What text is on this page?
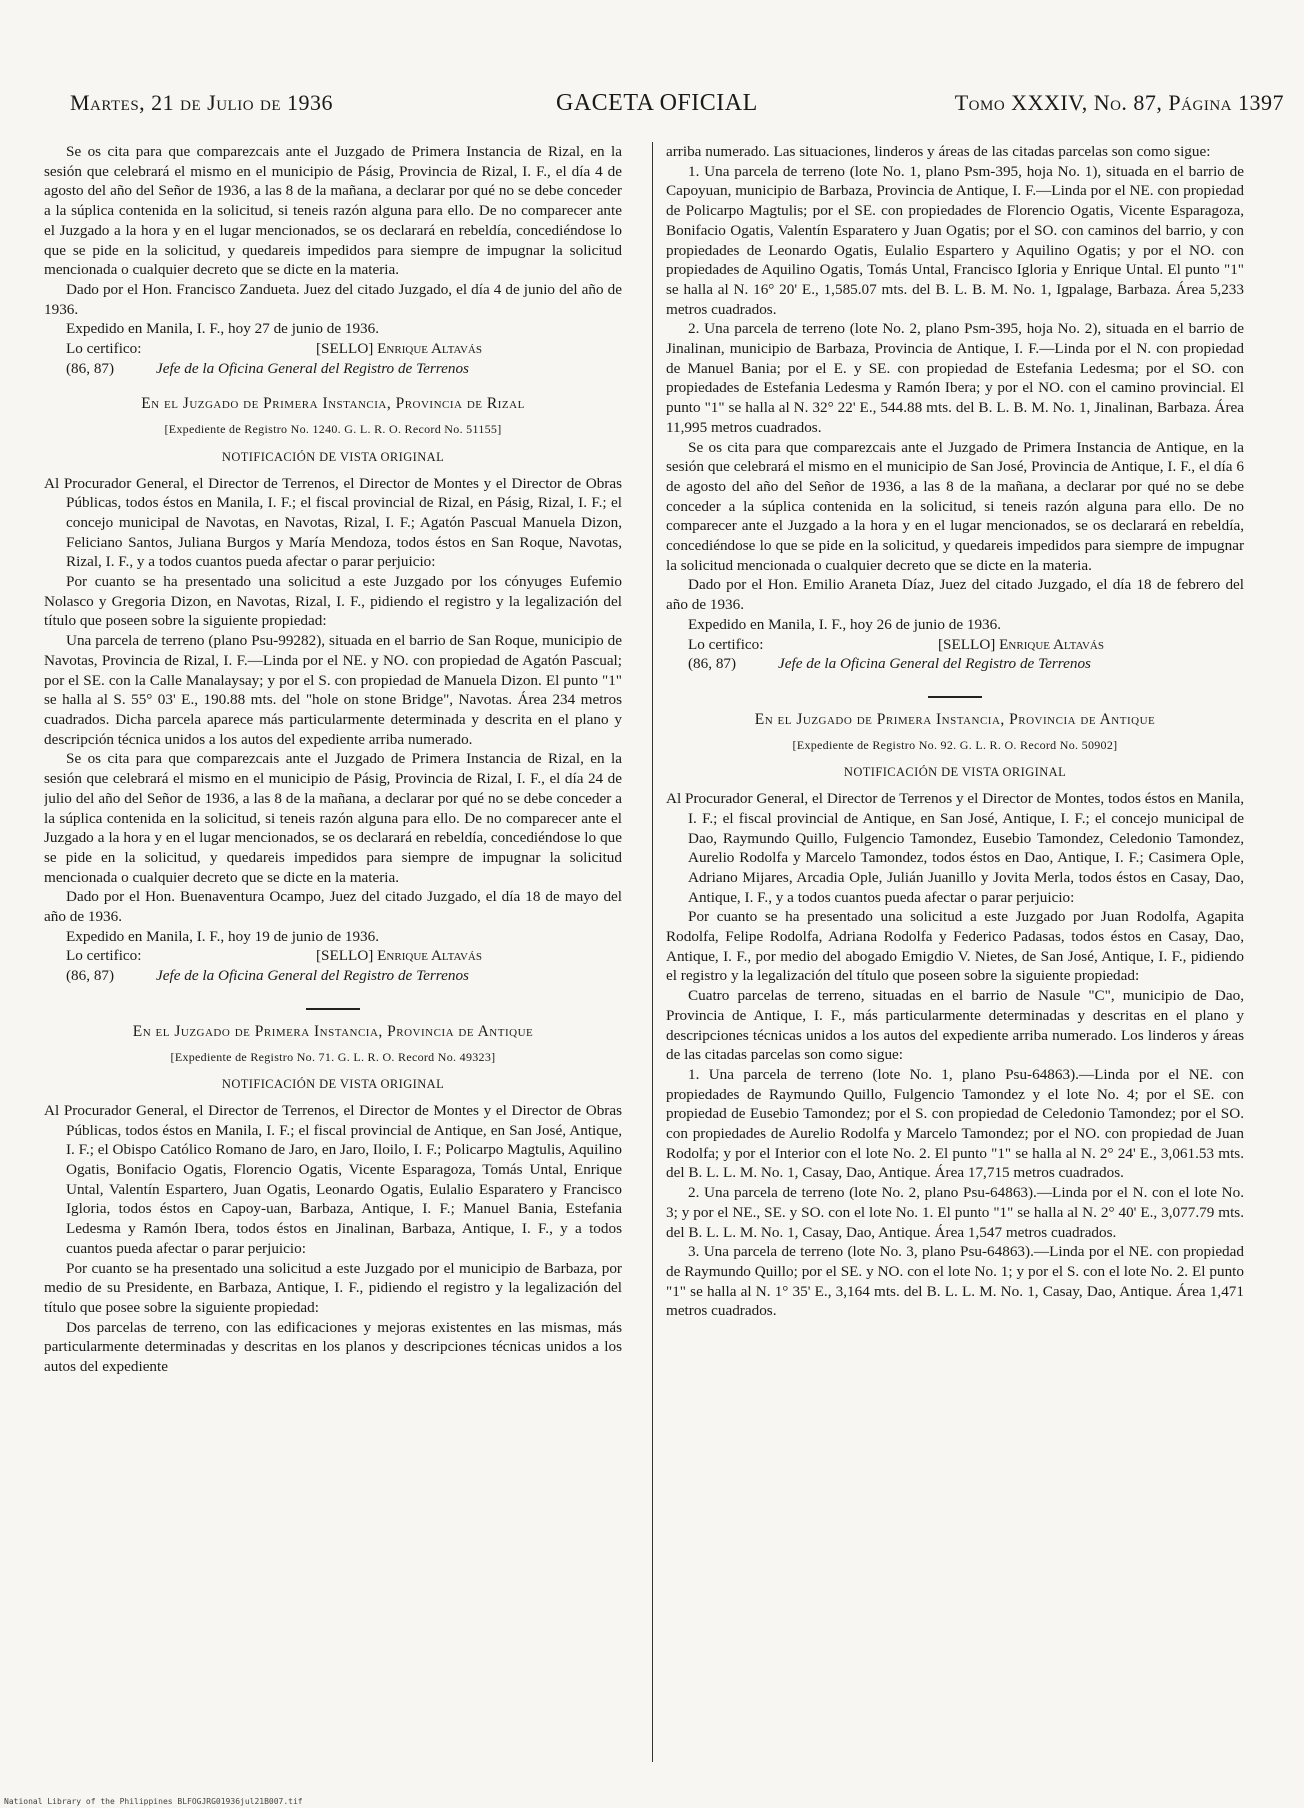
Martes, 21 de Julio de 1936	GACETA OFICIAL	Tomo XXXIV, No. 87, Página 1397

Se os cita para que comparezcais ante el Juzgado de Primera Instancia de Rizal, en la sesión que celebrará el mismo en el municipio de Pásig, Provincia de Rizal, I. F., el día 4 de agosto del año del Señor de 1936, a las 8 de la mañana, a declarar por qué no se debe conceder a la súplica contenida en la solicitud, si teneis razón alguna para ello. De no comparecer ante el Juzgado a la hora y en el lugar mencionados, se os declarará en rebeldía, concediéndose lo que se pide en la solicitud, y quedareis impedidos para siempre de impugnar la solicitud mencionada o cualquier decreto que se dicte en la materia.

Dado por el Hon. Francisco Zandueta. Juez del citado Juzgado, el día 4 de junio del año de 1936.

Expedido en Manila, I. F., hoy 27 de junio de 1936.

Lo certifico:	[SELLO] Enrique Altavás
(86, 87)	Jefe de la Oficina General del Registro de Terrenos
En el Juzgado de Primera Instancia, Provincia de Rizal
[Expediente de Registro No. 1240. G. L. R. O. Record No. 51155]
NOTIFICACIÓN DE VISTA ORIGINAL

Al Procurador General, el Director de Terrenos, el Director de Montes y el Director de Obras Públicas, todos éstos en Manila, I. F.; el fiscal provincial de Rizal, en Pásig, Rizal, I. F.; el concejo municipal de Navotas, en Navotas, Rizal, I. F.; Agatón Pascual Manuela Dizon, Feliciano Santos, Juliana Burgos y María Mendoza, todos éstos en San Roque, Navotas, Rizal, I. F., y a todos cuantos pueda afectar o parar perjuicio:

Por cuanto se ha presentado una solicitud a este Juzgado por los cónyuges Eufemio Nolasco y Gregoria Dizon, en Navotas, Rizal, I. F., pidiendo el registro y la legalización del título que poseen sobre la siguiente propiedad:

Una parcela de terreno (plano Psu-99282), situada en el barrio de San Roque, municipio de Navotas, Provincia de Rizal, I. F.—Linda por el NE. y NO. con propiedad de Agatón Pascual; por el SE. con la Calle Manalaysay; y por el S. con propiedad de Manuela Dizon. El punto "1" se halla al S. 55° 03' E., 190.88 mts. del "hole on stone Bridge", Navotas. Área 234 metros cuadrados. Dicha parcela aparece más particularmente determinada y descrita en el plano y descripción técnica unidos a los autos del expediente arriba numerado.

Se os cita para que comparezcais ante el Juzgado de Primera Instancia de Rizal, en la sesión que celebrará el mismo en el municipio de Pásig, Provincia de Rizal, I. F., el día 24 de julio del año del Señor de 1936, a las 8 de la mañana, a declarar por qué no se debe conceder a la súplica contenida en la solicitud, si teneis razón alguna para ello. De no comparecer ante el Juzgado a la hora y en el lugar mencionados, se os declarará en rebeldía, concediéndose lo que se pide en la solicitud, y quedareis impedidos para siempre de impugnar la solicitud mencionada o cualquier decreto que se dicte en la materia.

Dado por el Hon. Buenaventura Ocampo, Juez del citado Juzgado, el día 18 de mayo del año de 1936.

Expedido en Manila, I. F., hoy 19 de junio de 1936.

Lo certifico:	[SELLO] Enrique Altavás
(86, 87)	Jefe de la Oficina General del Registro de Terrenos
En el Juzgado de Primera Instancia, Provincia de Antique
[Expediente de Registro No. 71. G. L. R. O. Record No. 49323]
NOTIFICACIÓN DE VISTA ORIGINAL

Al Procurador General, el Director de Terrenos, el Director de Montes y el Director de Obras Públicas, todos éstos en Manila, I. F.; el fiscal provincial de Antique, en San José, Antique, I. F.; el Obispo Católico Romano de Jaro, en Jaro, Iloilo, I. F.; Policarpo Magtulis, Aquilino Ogatis, Bonifacio Ogatis, Florencio Ogatis, Vicente Esparagoza, Tomás Untal, Enrique Untal, Valentín Espartero, Juan Ogatis, Leonardo Ogatis, Eulalio Esparatero y Francisco Igloria, todos éstos en Capoy-uan, Barbaza, Antique, I. F.; Manuel Bania, Estefania Ledesma y Ramón Ibera, todos éstos en Jinalinan, Barbaza, Antique, I. F., y a todos cuantos pueda afectar o parar perjuicio:

Por cuanto se ha presentado una solicitud a este Juzgado por el municipio de Barbaza, por medio de su Presidente, en Barbaza, Antique, I. F., pidiendo el registro y la legalización del título que posee sobre la siguiente propiedad:

Dos parcelas de terreno, con las edificaciones y mejoras existentes en las mismas, más particularmente determinadas y descritas en los planos y descripciones técnicas unidos a los autos del expediente

arriba numerado. Las situaciones, linderos y áreas de las citadas parcelas son como sigue:

1. Una parcela de terreno (lote No. 1, plano Psm-395, hoja No. 1), situada en el barrio de Capoyuan, municipio de Barbaza, Provincia de Antique, I. F.—Linda por el NE. con propiedad de Policarpo Magtulis; por el SE. con propiedades de Florencio Ogatis, Vicente Esparagoza, Bonifacio Ogatis, Valentín Esparatero y Juan Ogatis; por el SO. con caminos del barrio, y con propiedades de Leonardo Ogatis, Eulalio Espartero y Aquilino Ogatis; y por el NO. con propiedades de Aquilino Ogatis, Tomás Untal, Francisco Igloria y Enrique Untal. El punto "1" se halla al N. 16° 20' E., 1,585.07 mts. del B. L. B. M. No. 1, Igpalage, Barbaza. Área 5,233 metros cuadrados.

2. Una parcela de terreno (lote No. 2, plano Psm-395, hoja No. 2), situada en el barrio de Jinalinan, municipio de Barbaza, Provincia de Antique, I. F.—Linda por el N. con propiedad de Manuel Bania; por el E. y SE. con propiedad de Estefania Ledesma; por el SO. con propiedades de Estefania Ledesma y Ramón Ibera; y por el NO. con el camino provincial. El punto "1" se halla al N. 32° 22' E., 544.88 mts. del B. L. B. M. No. 1, Jinalinan, Barbaza. Área 11,995 metros cuadrados.

Se os cita para que comparezcais ante el Juzgado de Primera Instancia de Antique, en la sesión que celebrará el mismo en el municipio de San José, Provincia de Antique, I. F., el día 6 de agosto del año del Señor de 1936, a las 8 de la mañana, a declarar por qué no se debe conceder a la súplica contenida en la solicitud, si teneis razón alguna para ello. De no comparecer ante el Juzgado a la hora y en el lugar mencionados, se os declarará en rebeldía, concediéndose lo que se pide en la solicitud, y quedareis impedidos para siempre de impugnar la solicitud mencionada o cualquier decreto que se dicte en la materia.

Dado por el Hon. Emilio Araneta Díaz, Juez del citado Juzgado, el día 18 de febrero del año de 1936.

Expedido en Manila, I. F., hoy 26 de junio de 1936.

Lo certifico:	[SELLO] Enrique Altavás
(86, 87)	Jefe de la Oficina General del Registro de Terrenos
En el Juzgado de Primera Instancia, Provincia de Antique
[Expediente de Registro No. 92. G. L. R. O. Record No. 50902]
NOTIFICACIÓN DE VISTA ORIGINAL

Al Procurador General, el Director de Terrenos y el Director de Montes, todos éstos en Manila, I. F.; el fiscal provincial de Antique, en San José, Antique, I. F.; el concejo municipal de Dao, Raymundo Quillo, Fulgencio Tamondez, Eusebio Tamondez, Celedonio Tamondez, Aurelio Rodolfa y Marcelo Tamondez, todos éstos en Dao, Antique, I. F.; Casimera Ople, Adriano Mijares, Arcadia Ople, Julián Juanillo y Jovita Merla, todos éstos en Casay, Dao, Antique, I. F., y a todos cuantos pueda afectar o parar perjuicio:

Por cuanto se ha presentado una solicitud a este Juzgado por Juan Rodolfa, Agapita Rodolfa, Felipe Rodolfa, Adriana Rodolfa y Federico Padasas, todos éstos en Casay, Dao, Antique, I. F., por medio del abogado Emigdio V. Nietes, de San José, Antique, I. F., pidiendo el registro y la legalización del título que poseen sobre la siguiente propiedad:

Cuatro parcelas de terreno, situadas en el barrio de Nasule "C", municipio de Dao, Provincia de Antique, I. F., más particularmente determinadas y descritas en el plano y descripciones técnicas unidos a los autos del expediente arriba numerado. Los linderos y áreas de las citadas parcelas son como sigue:

1. Una parcela de terreno (lote No. 1, plano Psu-64863).—Linda por el NE. con propiedades de Raymundo Quillo, Fulgencio Tamondez y el lote No. 4; por el SE. con propiedad de Eusebio Tamondez; por el S. con propiedad de Celedonio Tamondez; por el SO. con propiedades de Aurelio Rodolfa y Marcelo Tamondez; por el NO. con propiedad de Juan Rodolfa; y por el Interior con el lote No. 2. El punto "1" se halla al N. 2° 24' E., 3,061.53 mts. del B. L. L. M. No. 1, Casay, Dao, Antique. Área 17,715 metros cuadrados.

2. Una parcela de terreno (lote No. 2, plano Psu-64863).—Linda por el N. con el lote No. 3; y por el NE., SE. y SO. con el lote No. 1. El punto "1" se halla al N. 2° 40' E., 3,077.79 mts. del B. L. L. M. No. 1, Casay, Dao, Antique. Área 1,547 metros cuadrados.

3. Una parcela de terreno (lote No. 3, plano Psu-64863).—Linda por el NE. con propiedad de Raymundo Quillo; por el SE. y NO. con el lote No. 1; y por el S. con el lote No. 2. El punto "1" se halla al N. 1° 35' E., 3,164 mts. del B. L. L. M. No. 1, Casay, Dao, Antique. Área 1,471 metros cuadrados.

National Library of the Philippines BLFOGJRG01936jul21B007.tif
